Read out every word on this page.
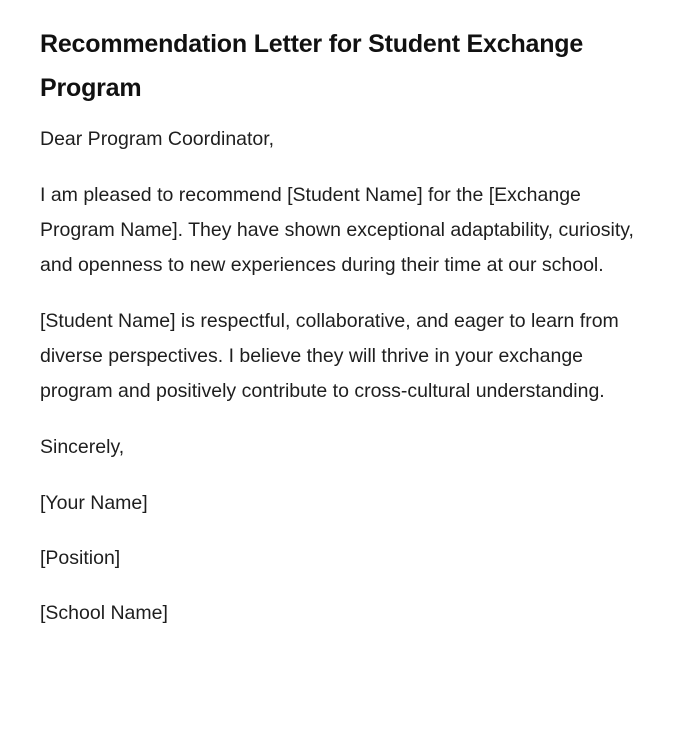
Recommendation Letter for Student Exchange Program

Dear Program Coordinator,

I am pleased to recommend [Student Name] for the [Exchange Program Name]. They have shown exceptional adaptability, curiosity, and openness to new experiences during their time at our school.

[Student Name] is respectful, collaborative, and eager to learn from diverse perspectives. I believe they will thrive in your exchange program and positively contribute to cross-cultural understanding.

Sincerely,

[Your Name]

[Position]

[School Name]
